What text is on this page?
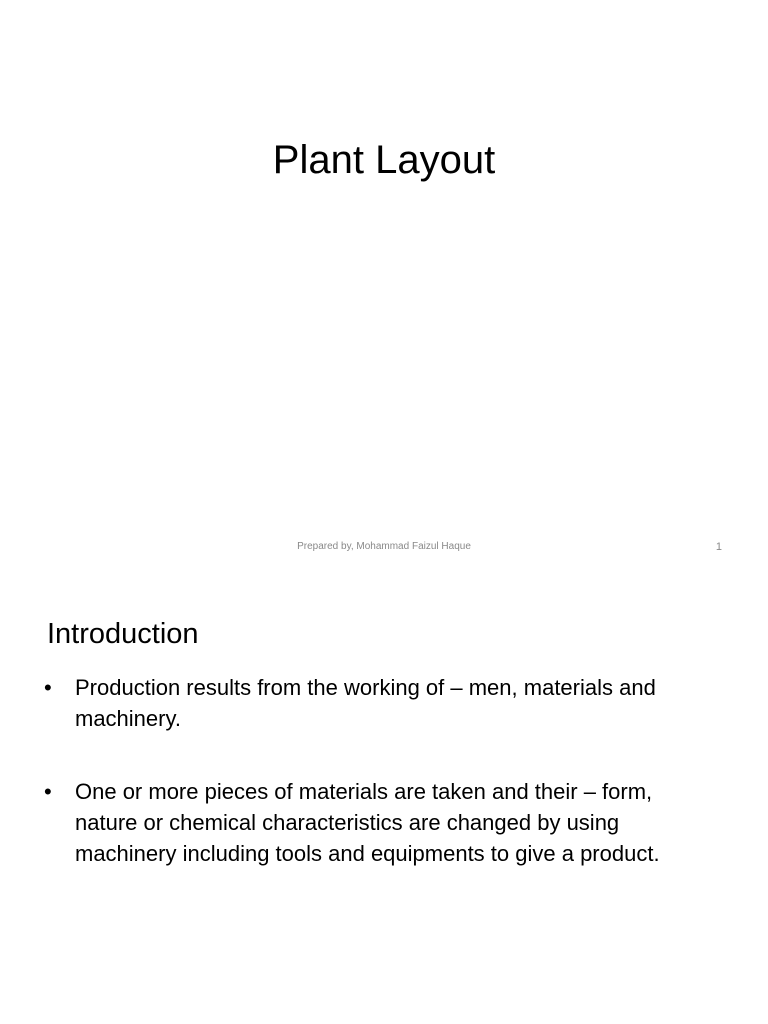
Plant Layout
Prepared by, Mohammad Faizul Haque	1
Introduction
• Production results from the working of – men, materials and machinery.
• One or more pieces of materials are taken and their – form, nature or chemical characteristics are changed by using machinery including tools and equipments to give a product.
